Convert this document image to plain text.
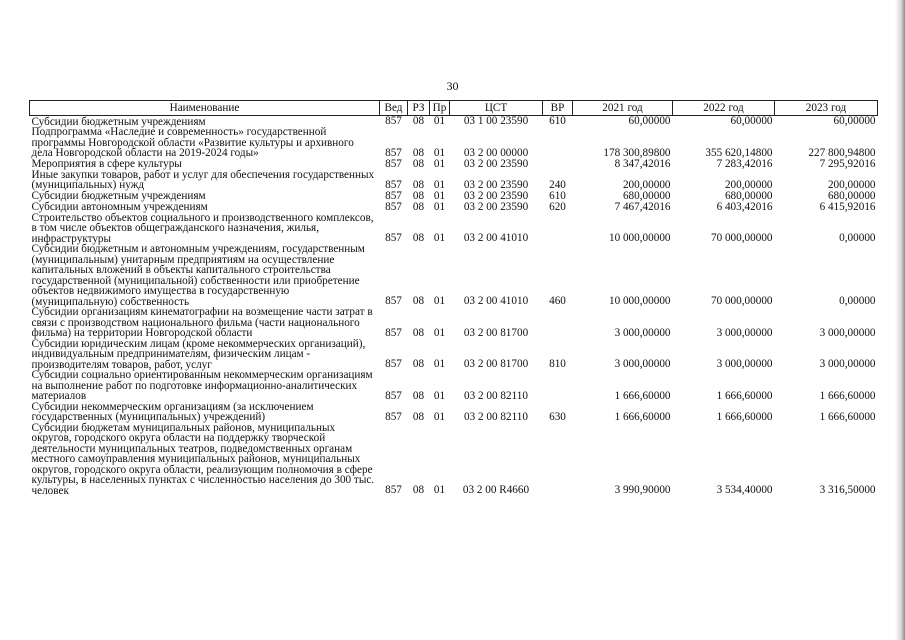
30
Наименование	Вед	РЗ	Пр	ЦСТ	ВР	2021 год	2022 год	2023 год
Субсидии бюджетным учреждениям	857	08	01	03 1 00 23590	610	60,00000	60,00000	60,00000
Подпрограмма «Наследие и современность» государственной программы Новгородской области «Развитие культуры и архивного дела Новгородской области на 2019-2024 годы»	857	08	01	03 2 00 00000		178 300,89800	355 620,14800	227 800,94800
Мероприятия в сфере культуры	857	08	01	03 2 00 23590		8 347,42016	7 283,42016	7 295,92016
Иные закупки товаров, работ и услуг для обеспечения государственных (муниципальных) нужд	857	08	01	03 2 00 23590	240	200,00000	200,00000	200,00000
Субсидии бюджетным учреждениям	857	08	01	03 2 00 23590	610	680,00000	680,00000	680,00000
Субсидии автономным учреждениям	857	08	01	03 2 00 23590	620	7 467,42016	6 403,42016	6 415,92016
Строительство объектов социального и производственного комплексов, в том числе объектов общегражданского назначения, жилья, инфраструктуры	857	08	01	03 2 00 41010		10 000,00000	70 000,00000	0,00000
Субсидии бюджетным и автономным учреждениям, государственным (муниципальным) унитарным предприятиям на осуществление капитальных вложений в объекты капитального строительства государственной (муниципальной) собственности или приобретение объектов недвижимого имущества в государственную (муниципальную) собственность	857	08	01	03 2 00 41010	460	10 000,00000	70 000,00000	0,00000
Субсидии организациям кинематографии на возмещение части затрат в связи с производством национального фильма (части национального фильма) на территории Новгородской области	857	08	01	03 2 00 81700		3 000,00000	3 000,00000	3 000,00000
Субсидии юридическим лицам (кроме некоммерческих организаций), индивидуальным предпринимателям, физическим лицам - производителям товаров, работ, услуг	857	08	01	03 2 00 81700	810	3 000,00000	3 000,00000	3 000,00000
Субсидии социально ориентированным некоммерческим организациям на выполнение работ по подготовке информационно-аналитических материалов	857	08	01	03 2 00 82110		1 666,60000	1 666,60000	1 666,60000
Субсидии некоммерческим организациям (за исключением государственных (муниципальных) учреждений)	857	08	01	03 2 00 82110	630	1 666,60000	1 666,60000	1 666,60000
Субсидии бюджетам муниципальных районов, муниципальных округов, городского округа области на поддержку творческой деятельности муниципальных театров, подведомственных органам местного самоуправления муниципальных районов, муниципальных округов, городского округа области, реализующим полномочия в сфере культуры, в населенных пунктах с численностью населения до 300 тыс. человек	857	08	01	03 2 00 R4660		3 990,90000	3 534,40000	3 316,50000
